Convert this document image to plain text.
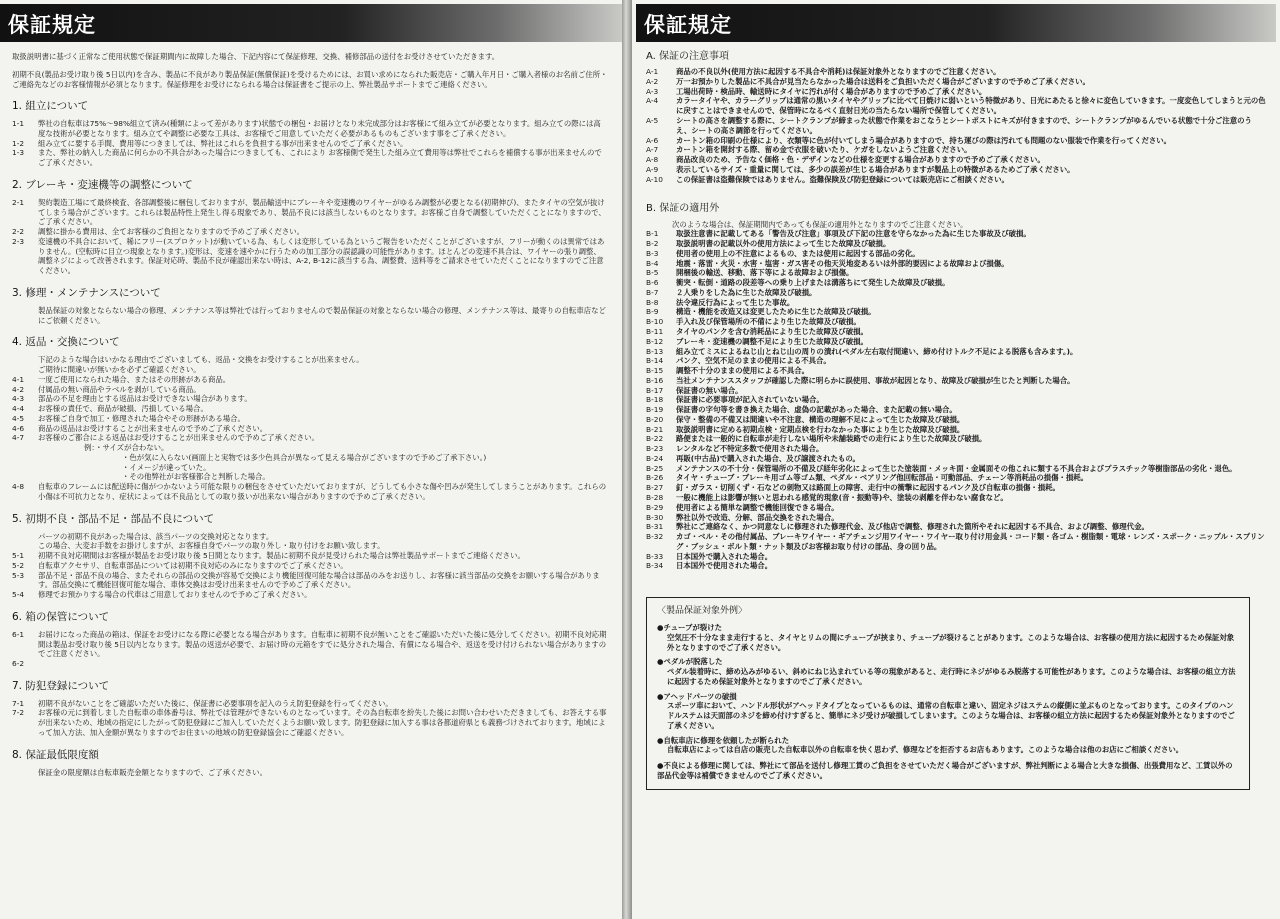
保証規定

取扱説明書に基づく正常なご使用状態で保証期間内に故障した場合、下記内容にて保証修理、交換、補修部品の送付をお受けさせていただきます。

初期不良(製品お受け取り後 5日以内)を含み、製品に不良があり製品保証(無償保証)を受けるためには、お買い求めになられた販売店・ご購入年月日・ご購入者様のお名前ご住所・ご連絡先などのお客様情報が必須となります。保証修理をお受けになられる場合は保証書をご提示の上、弊社製品サポートまでご連絡ください。

1. 組立について
1-1	弊社の自転車は75%〜98%組立て済み(種類によって差があります)状態での梱包・お届けとなり未完成部分はお客様にて組み立てが必要となります。組み立ての際には高度な技術が必要となります。組み立てや調整に必要な工具は、お客様でご用意していただく必要があるものもございます事をご了承ください。
1-2	組み立てに要する手間、費用等につきましては、弊社はこれらを負担する事が出来ませんのでご了承ください。
1-3	また、弊社の納入した商品に何らかの不具合があった場合につきましても、これにより お客様側で発生した組み立て費用等は弊社でこれらを補償する事が出来ませんのでご了承ください。
2. ブレーキ・変速機等の調整について
2-1	契約製造工場にて最終検査、各部調整後に梱包しておりますが、製品輸送中にブレーキや変速機のワイヤーがゆるみ調整が必要となる(初期伸び)、またタイヤの空気が抜けてしまう場合がございます。これらは製品特性上発生し得る現象であり、製品不良には該当しないものとなります。お客様ご自身で調整していただくことになりますので、ご了承ください。
2-2	調整に掛かる費用は、全てお客様のご負担となりますので予めご了承ください。
2-3	変速機の不具合において、稀にフリー(スプロケット)が動いている為、もしくは変形している為というご報告をいただくことがございますが、フリーが動くのは異常ではありません。(空転時に目立つ現象となります。)変形は、変速を速やかに行うための加工部分の誤認識の可能性があります。ほとんどの変速不具合は、ワイヤーの張り調整、調整ネジによって改善されます。保証対応時、製品不良が確認出来ない時は、A-2, B-12に該当する為、調整費、送料等をご請求させていただくことになりますのでご注意ください。
3. 修理・メンテナンスについて
製品保証の対象とならない場合の修理、メンテナンス等は弊社では行っておりませんので製品保証の対象とならない場合の修理、メンテナンス等は、最寄りの自転車店などにご依頼ください。
4. 返品・交換について
下記のような場合はいかなる理由でございましても、返品・交換をお受けすることが出来ません。
ご期待に間違いが無いかを必ずご確認ください。
4-1	一度ご使用になられた場合、またはその形跡がある商品。
4-2	付属品の無い商品やラベルを剥がしている商品。
4-3	部品の不足を理由とする返品はお受けできない場合があります。
4-4	お客様の責任で、商品が破損、汚損している場合。
4-5	お客様ご自身で加工・修理された場合やその形跡がある場合。
4-6	商品の返品はお受けすることが出来ませんので予めご了承ください。
4-7	お客様のご都合による返品はお受けすることが出来ませんので予めご了承ください。
例：・サイズが合わない。
・色が気に入らない(画面上と実物では多少色具合が異なって見える場合がございますので予めご了承下さい。)
・イメージが違っていた。
・その他弊社がお客様都合と判断した場合。
4-8	自転車のフレームには配送時に傷がつかないよう可能な限りの梱包をさせていただいておりますが、どうしても小さな傷や凹みが発生してしまうことがあります。これらの小傷は不可抗力となり、症状によっては不良品としての取り扱いが出来ない場合がありますので予めご了承ください。
5. 初期不良・部品不足・部品不良について
パーツの初期不良があった場合は、該当パーツの交換対応となります。
この場合、大変お手数をお掛けしますが、お客様自身でパーツの取り外し・取り付けをお願い致します。
5-1	初期不良対応期間はお客様が製品をお受け取り後 5日間となります。製品に初期不良が見受けられた場合は弊社製品サポートまでご連絡ください。
5-2	自転車アクセサリ、自転車部品については初期不良対応のみになりますのでご了承ください。
5-3	部品不足・部品不良の場合、またそれらの部品の交換が容易で交換により機能回復可能な場合は部品のみをお送りし、お客様に該当部品の交換をお願いする場合があります。部品交換にて機能回復可能な場合、車体交換はお受け出来ませんので予めご了承ください。
5-4	修理でお預かりする場合の代車はご用意しておりませんので予めご了承ください。
6. 箱の保管について
6-1	お届けになった商品の箱は、保証をお受けになる際に必要となる場合があります。自転車に初期不良が無いことをご確認いただいた後に処分してください。初期不良対応期間は製品お受け取り後 5日以内となります。製品の返送が必要で、お届け時の元箱をすでに処分された場合、有償になる場合や、返送を受け付けられない場合がありますのでご注意ください。
6-2
7. 防犯登録について
7-1	初期不良がないことをご確認いただいた後に、保証書に必要事項を記入のうえ防犯登録を行ってください。
7-2	お客様の元に到着しました自転車の車体番号は、弊社では管理ができないものとなっています。その為自転車を紛失した後にお問い合わせいただきましても、お答えする事が出来ないため、地域の指定にしたがって防犯登録にご加入していただくようお願い致します。防犯登録に加入する事は各都道府県とも義務づけされております。地域によって加入方法、加入金額が異なりますのでお住まいの地域の防犯登録協会にご確認ください。
8. 保証最低限度額
保証金の限度額は自転車販売金額となりますので、ご了承ください。
保証規定
A. 保証の注意事項
A-1	商品の不良以外(使用方法に起因する不具合や消耗)は保証対象外となりますのでご注意ください。
A-2	万一お預かりした製品に不具合が見当たらなかった場合は送料をご負担いただく場合がございますので予めご了承ください。
A-3	工場出荷時・検品時、輸送時にタイヤに汚れが付く場合がありますので予めご了承ください。
A-4	カラータイヤや、カラーグリップは通常の黒いタイヤやグリップに比べて日焼けに弱いという特徴があり、日光にあたると徐々に変色していきます。一度変色してしまうと元の色に戻すことはできませんので、保管時になるべく直射日光の当たらない場所で保管してください。
A-5	シートの高さを調整する際に、シートクランプが締まった状態で作業をおこなうとシートポストにキズが付きますので、シートクランプがゆるんでいる状態で十分ご注意のうえ、シートの高さ調節を行ってください。
A-6	カートン箱の印刷の仕様により、衣類等に色が付いてしまう場合がありますので、持ち運びの際は汚れても問題のない服装で作業を行ってください。
A-7	カートン箱を開封する際、留め金で衣服を破いたり、ケガをしないようご注意ください。
A-8	商品改良のため、予告なく価格・色・デザインなどの仕様を変更する場合がありますので予めご了承ください。
A-9	表示しているサイズ・重量に関しては、多少の誤差が生じる場合がありますが製品上の特徴があるためご了承ください。
A-10	この保証書は盗難保険ではありません。盗難保険及び防犯登録については販売店にご相談ください。
B. 保証の適用外
次のような場合は、保証期間内であっても保証の適用外となりますのでご注意ください。
B-1	取扱注意書に記載してある「警告及び注意」事項及び下記の注意を守らなかった為に生じた事故及び破損。
B-2	取扱説明書の記載以外の使用方法によって生じた故障及び破損。
B-3	使用者の使用上の不注意によるもの、または使用に起因する部品の劣化。
B-4	地震・落雷・火災・水害・塩害・ガス害その他天災地変あるいは外部的要因による故障および損傷。
B-5	開梱後の輸送、移動、落下等による故障および損傷。
B-6	衝突・転倒・道路の段差等への乗り上げまたは溝落ちにて発生した故障及び破損。
B-7	２人乗りをした為に生じた故障及び破損。
B-8	法令違反行為によって生じた事故。
B-9	構造・機能を改造又は変更したために生じた故障及び破損。
B-10	手入れ及び保管場所の不備により生じた故障及び破損。
B-11	タイヤのパンクを含む消耗品により生じた故障及び破損。
B-12	ブレーキ・変速機の調整不足により生じた故障及び破損。
B-13	組み立てミスによるねじ山とねじ山の周りの潰れ(ペダル左右取付間違い、締め付けトルク不足による脱落も含みます。)。
B-14	パンク、空気不足のままの使用による不具合。
B-15	調整不十分のままの使用による不具合。
B-16	当社メンテナンススタッフが確認した際に明らかに誤使用、事故が起因となり、故障及び破損が生じたと判断した場合。
B-17	保証書の無い場合。
B-18	保証書に必要事項が記入されていない場合。
B-19	保証書の字句等を書き換えた場合、虚偽の記載があった場合、また記載の無い場合。
B-20	保守・整備の不備又は間違いや不注意、構造の理解不足によって生じた故障及び破損。
B-21	取扱説明書に定める初期点検・定期点検を行わなかった事により生じた故障及び破損。
B-22	路便または一般的に自転車が走行しない場所や未舗装路での走行により生じた故障及び破損。
B-23	レンタルなど不特定多数で使用された場合。
B-24	再販(中古品)で購入された場合、及び譲渡されたもの。
B-25	メンテナンスの不十分・保管場所の不備及び経年劣化によって生じた塗装面・メッキ面・金属面その他これに類する不具合およびプラスチック等樹脂部品の劣化・退色。
B-26	タイヤ・チューブ・ブレーキ用ゴム等ゴム類、ペダル・ベアリング他回転部品・可動部品、チェーン等消耗品の損傷・損耗。
B-27	釘・ガラス・切削くず・石などの刺物又は路面上の障害、走行中の衝撃に起因するパンク及び自転車の損傷・損耗。
B-28	一般に機能上は影響が無いと思われる感覚的現象(音・振動等)や、塗装の剥離を伴わない腐食など。
B-29	使用者による簡単な調整で機能回復できる場合。
B-30	弊社以外で改造、分解、部品交換をされた場合。
B-31	弊社にご連絡なく、かつ同意なしに修理された修理代金、及び他店で調整、修理された箇所やそれに起因する不具合、および調整、修理代金。
B-32	カゴ・ベル・その他付属品、ブレーキワイヤー・ギアチェンジ用ワイヤー・ワイヤー取り付け用金具・コード類・各ゴム・樹脂類・電球・レンズ・スポーク・ニップル・スプリング・ブッシュ・ボルト類・ナット類及びお客様お取り付けの部品、身の回り品。
B-33	日本国外で購入された場合。
B-34	日本国外で使用された場合。
〈製品保証対象外例〉
●チューブが裂けた
空気圧不十分なまま走行すると、タイヤとリムの間にチューブが挟まり、チューブが裂けることがあります。このような場合は、お客様の使用方法に起因するため保証対象外となりますのでご了承ください。
●ペダルが脱落した
ペダル装着時に、締め込みがゆるい、斜めにねじ込まれている等の現象があると、走行時にネジがゆるみ脱落する可能性があります。このような場合は、お客様の組立方法に起因するため保証対象外となりますのでご了承ください。
●アヘッドパーツの破損
スポーツ車において、ハンドル形状がアヘッドタイプとなっているものは、通常の自転車と違い、固定ネジはステムの縦側に並ぶものとなっております。このタイプのハンドルステムは天面部のネジを締め付けすぎると、簡単にネジ受けが破損してしまいます。このような場合は、お客様の組立方法に起因するため保証対象外となりますのでご了承ください。
●自転車店に修理を依頼したが断られた
自転車店によっては自店の販売した自転車以外の自転車を快く思わず、修理などを拒否するお店もあります。このような場合は他のお店にご相談ください。
●不良による修理に関しては、弊社にて部品を送付し修理工賃のご負担をさせていただく場合がございますが、弊社判断による場合と大きな損傷、出張費用など、工賃以外の部品代金等は補償できませんのでご了承ください。
